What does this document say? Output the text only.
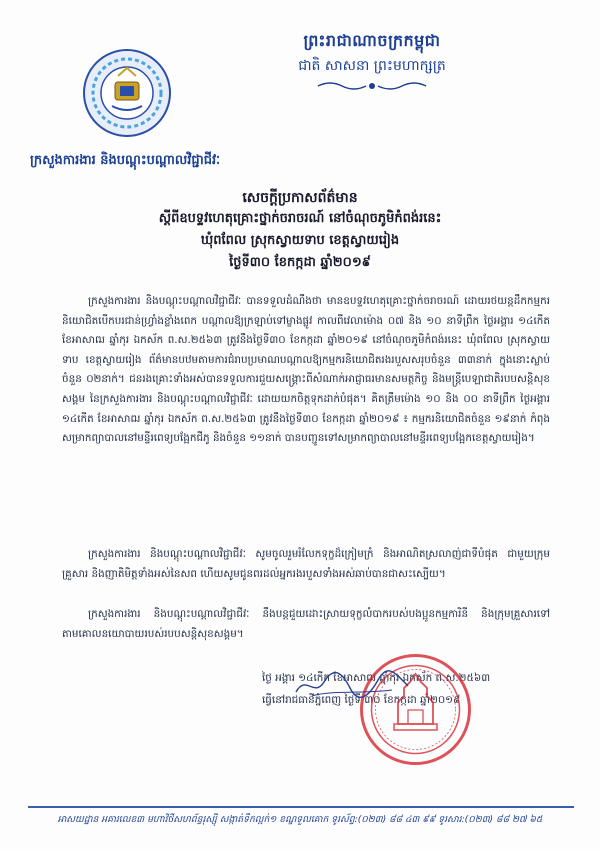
ព្រះរាជាណាចក្រកម្ពុជា
ជាតិ សាសនា ព្រះមហាក្សត្រ
ក្រសួងការងារ និងបណ្តុះបណ្តាលវិជ្ជាជីវៈ
សេចក្តីប្រកាសព័ត៌មាន
ស្តីពីឧបទ្ទវហេតុគ្រោះថ្នាក់ចរាចរណ៍ នៅចំណុចភូមិកំពង់រនេះ
ឃុំពពែល ស្រុកស្វាយទាប ខេត្តស្វាយរៀង
ថ្ងៃទី៣០ ខែកក្កដា ឆ្នាំ២០១៩
ក្រសួងការងារ និងបណ្តុះបណ្តាលវិជ្ជាជីវៈ បានទទួលដំណឹងថា មានឧបទ្ទវហេតុគ្រោះថ្នាក់ចរាចរណ៍ ដោយរថយន្តដឹកកម្មករនិយោជិតបើកបរជាន់ហ្វ្រាំងខ្លាំងពេក បណ្តាលឱ្យក្រឡាប់ទៅម្ខាងផ្លូវ កាលពីវេលាម៉ោង ០៧ និង ១០ នាទីព្រឹក ថ្ងៃអង្គារ ១៤កើត ខែអាសាឍ ឆ្នាំកុរ ឯកស័ក ព.ស.២៥៦៣ ត្រូវនឹងថ្ងៃទី៣០ ខែកក្កដា ឆ្នាំ២០១៩ នៅចំណុចភូមិកំពង់រនេះ ឃុំពពែល ស្រុកស្វាយទាប ខេត្តស្វាយរៀង ព័ត៌មានបឋមតាមការជំរាបប្រមាណបណ្តាលឱ្យកម្មករនិយោជិតរងរបួសសរុបចំនួន ៣៣នាក់ ក្នុងនោះស្លាប់ចំនួន ០២នាក់។ ជនរងគ្រោះទាំងអស់បានទទួលការជួយសង្គ្រោះពីសំណាក់អាជ្ញាធរមានសមត្ថកិច្ច និងមន្ត្រីបេឡាជាតិរបបសន្តិសុខសង្គម នៃក្រសួងការងារ និងបណ្តុះបណ្តាលវិជ្ជាជីវៈ ដោយយកចិត្តទុកដាក់បំផុត។ គិតត្រឹមម៉ោង ១០ និង ០០ នាទីព្រឹក ថ្ងៃអង្គារ ១៤កើត ខែអាសាឍ ឆ្នាំកុរ ឯកស័ក ព.ស.២៥៦៣ ត្រូវនឹងថ្ងៃទី៣០ ខែកក្កដា ឆ្នាំ២០១៩ ៖ កម្មករនិយោជិតចំនួន ១៩នាក់ កំពុងសម្រាកព្យាបាលនៅមន្ទីរពេទ្យបង្អែកជីភូ និងចំនួន ១១នាក់ បានបញ្ជូនទៅសម្រាកព្យាបាលនៅមន្ទីរពេទ្យបង្អែកខេត្តស្វាយរៀង។
ក្រសួងការងារ និងបណ្តុះបណ្តាលវិជ្ជាជីវៈ សូមចូលរួមរំលែកទុក្ខដ៏ក្រៀមក្រំ និងអាណិតស្រលាញ់ជាទីបំផុត ជាមួយក្រុមគ្រួសារ និងញាតិមិត្តទាំងអស់នៃសព ហើយសូមជូនពរដល់អ្នករងរបួសទាំងអស់ឆាប់បានជាសះស្បើយ។
ក្រសួងការងារ និងបណ្តុះបណ្តាលវិជ្ជាជីវៈ នឹងបន្តជួយដោះស្រាយទុក្ខលំបាករបស់បងប្អូនកម្មការិនី និងក្រុមគ្រួសារទៅតាមគោលនយោបាយរបស់របបសន្តិសុខសង្គម។
ថ្ងៃ អង្គារ ១៤កើត ខែអាសាឍ ឆ្នាំកុរ ឯកស័ក ព.ស.២៥៦៣
ធ្វើនៅរាជធានីភ្នំពេញ ថ្ងៃទី ៣០ ខែកក្កដា ឆ្នាំ២០១៩
អាសយដ្ឋាន អគារលេខ៣ មហាវិថីសហព័ន្ធរុស្ស៊ី សង្កាត់ទឹកល្អក់១ ខណ្ឌទួលគោក ទូរស័ព្ទ:(០២៣) ៨៨ ៤៣ ៩៩ ទូរសារ:(០២៣) ៨៨ ២៧ ៦៥
